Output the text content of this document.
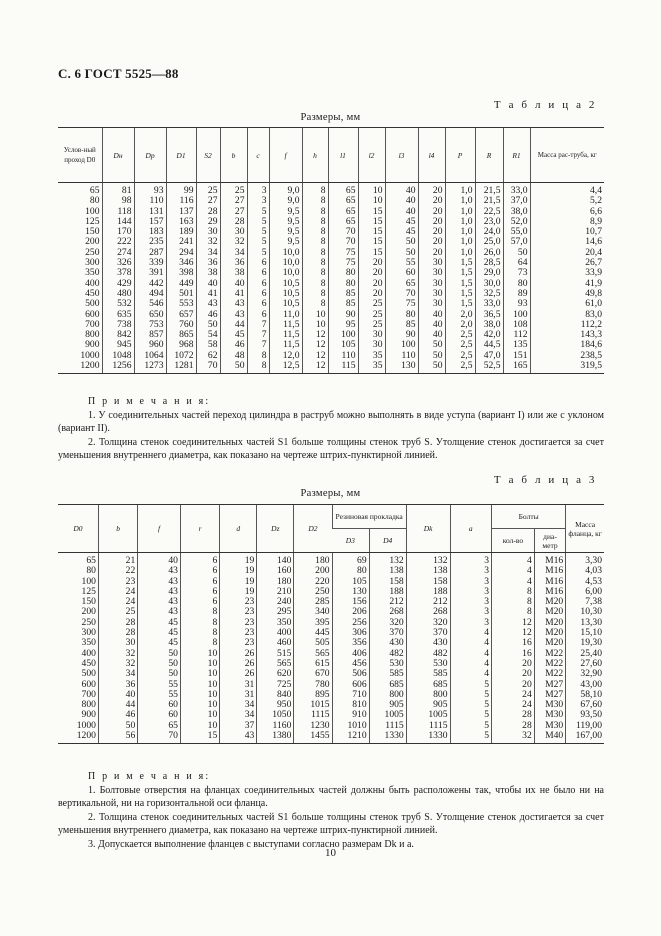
С. 6 ГОСТ 5525—88
Т а б л и ц а 2
Размеры, мм
Услов-ный проход D0	Dн	Dр	D1	S2	b	c	f	h	l1	l2	l3	l4	P	R	R1	Масса рас-труба, кг
65	81	93	99	25	25	3	9,0	8	65	10	40	20	1,0	21,5	33,0	4,4
80	98	110	116	27	27	3	9,0	8	65	10	40	20	1,0	21,5	37,0	5,2
100	118	131	137	28	27	5	9,5	8	65	15	40	20	1,0	22,5	38,0	6,6
125	144	157	163	29	28	5	9,5	8	65	15	45	20	1,0	23,0	52,0	8,9
150	170	183	189	30	30	5	9,5	8	70	15	45	20	1,0	24,0	55,0	10,7
200	222	235	241	32	32	5	9,5	8	70	15	50	20	1,0	25,0	57,0	14,6
250	274	287	294	34	34	5	10,0	8	75	15	50	20	1,0	26,0	50	20,4
300	326	339	346	36	36	6	10,0	8	75	20	55	30	1,5	28,5	64	26,7
350	378	391	398	38	38	6	10,0	8	80	20	60	30	1,5	29,0	73	33,9
400	429	442	449	40	40	6	10,5	8	80	20	65	30	1,5	30,0	80	41,9
450	480	494	501	41	41	6	10,5	8	85	20	70	30	1,5	32,5	89	49,8
500	532	546	553	43	43	6	10,5	8	85	25	75	30	1,5	33,0	93	61,0
600	635	650	657	46	43	6	11,0	10	90	25	80	40	2,0	36,5	100	83,0
700	738	753	760	50	44	7	11,5	10	95	25	85	40	2,0	38,0	108	112,2
800	842	857	865	54	45	7	11,5	12	100	30	90	40	2,5	42,0	112	143,3
900	945	960	968	58	46	7	11,5	12	105	30	100	50	2,5	44,5	135	184,6
1000	1048	1064	1072	62	48	8	12,0	12	110	35	110	50	2,5	47,0	151	238,5
1200	1256	1273	1281	70	50	8	12,5	12	115	35	130	50	2,5	52,5	165	319,5
П р и м е ч а н и я:

1. У соединительных частей переход цилиндра в раструб можно выполнять в виде уступа (вариант I) или же с уклоном (вариант II).

2. Толщина стенок соединительных частей S1 больше толщины стенок труб S. Утолщение стенок достигается за счет уменьшения внутреннего диаметра, как показано на чертеже штрих-пунктирной линией.

Т а б л и ц а 3
Размеры, мм
D0	b	f	r	d	Dz	D2	Резиновая прокладка		Dk	a	Болты		Масса фланца, кг
							D3	D4			кол-во	диа-метр	
65	21	40	6	19	140	180	69	132	132	3	4	М16	3,30
80	22	43	6	19	160	200	80	138	138	3	4	М16	4,03
100	23	43	6	19	180	220	105	158	158	3	4	М16	4,53
125	24	43	6	19	210	250	130	188	188	3	8	М16	6,00
150	24	43	6	23	240	285	156	212	212	3	8	М20	7,38
200	25	43	8	23	295	340	206	268	268	3	8	М20	10,30
250	28	45	8	23	350	395	256	320	320	3	12	М20	13,30
300	28	45	8	23	400	445	306	370	370	4	12	М20	15,10
350	30	45	8	23	460	505	356	430	430	4	16	М20	19,30
400	32	50	10	26	515	565	406	482	482	4	16	М22	25,40
450	32	50	10	26	565	615	456	530	530	4	20	М22	27,60
500	34	50	10	26	620	670	506	585	585	4	20	М22	32,90
600	36	55	10	31	725	780	606	685	685	5	20	М27	43,00
700	40	55	10	31	840	895	710	800	800	5	24	М27	58,10
800	44	60	10	34	950	1015	810	905	905	5	24	М30	67,60
900	46	60	10	34	1050	1115	910	1005	1005	5	28	М30	93,50
1000	50	65	10	37	1160	1230	1010	1115	1115	5	28	М30	119,00
1200	56	70	15	43	1380	1455	1210	1330	1330	5	32	М40	167,00
П р и м е ч а н и я:

1. Болтовые отверстия на фланцах соединительных частей должны быть расположены так, чтобы их не было ни на вертикальной, ни на горизонтальной оси фланца.

2. Толщина стенок соединительных частей S1 больше толщины стенок труб S. Утолщение стенок достигается за счет уменьшения внутреннего диаметра, как показано на чертеже штрих-пунктирной линией.

3. Допускается выполнение фланцев с выступами согласно размерам Dk и a.

10
